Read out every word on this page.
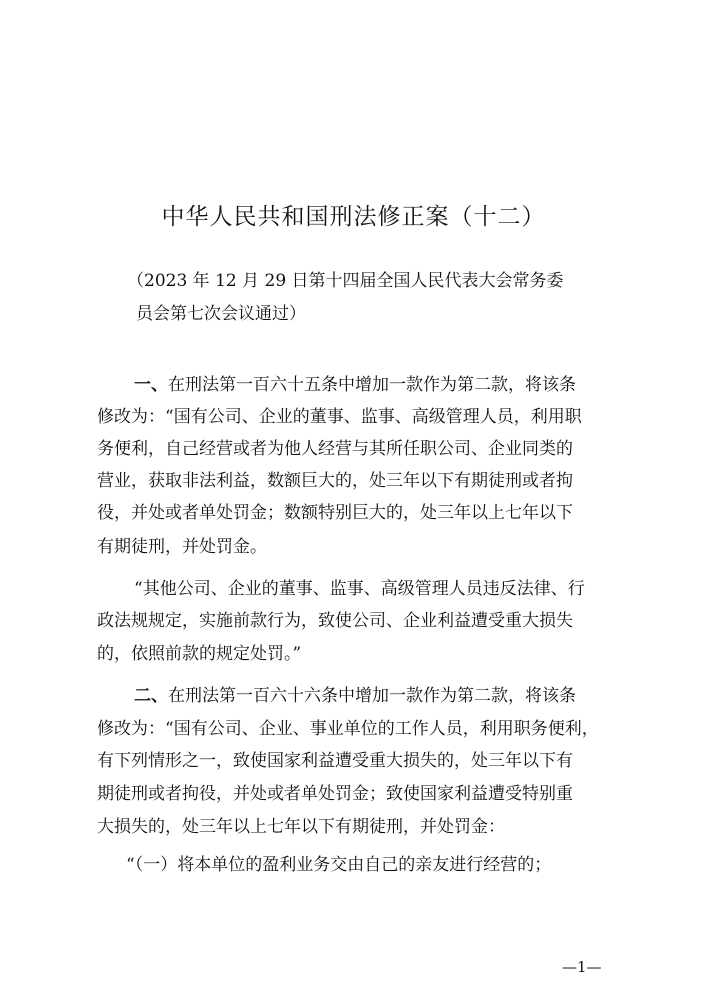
中华人民共和国刑法修正案（十二）
（2023 年 12 月 29 日第十四届全国人民代表大会常务委
员会第七次会议通过）
一、在刑法第一百六十五条中增加一款作为第二款，将该条
修改为：“国有公司、企业的董事、监事、高级管理人员，利用职
务便利，自己经营或者为他人经营与其所任职公司、企业同类的
营业，获取非法利益，数额巨大的，处三年以下有期徒刑或者拘
役，并处或者单处罚金；数额特别巨大的，处三年以上七年以下
有期徒刑，并处罚金。
“其他公司、企业的董事、监事、高级管理人员违反法律、行
政法规规定，实施前款行为，致使公司、企业利益遭受重大损失
的，依照前款的规定处罚。”
二、在刑法第一百六十六条中增加一款作为第二款，将该条
修改为：“国有公司、企业、事业单位的工作人员，利用职务便利，
有下列情形之一，致使国家利益遭受重大损失的，处三年以下有
期徒刑或者拘役，并处或者单处罚金；致使国家利益遭受特别重
大损失的，处三年以上七年以下有期徒刑，并处罚金：
“（一）将本单位的盈利业务交由自己的亲友进行经营的；
—1—
